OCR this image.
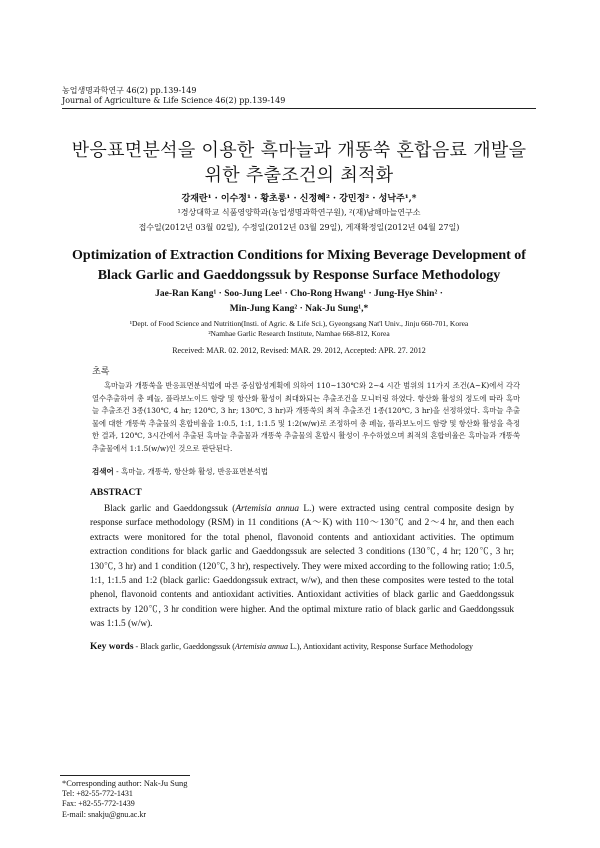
농업생명과학연구 46(2) pp.139-149
Journal of Agriculture & Life Science 46(2) pp.139-149
반응표면분석을 이용한 흑마늘과 개똥쑥 혼합음료 개발을
위한 추출조건의 최적화
강재란¹ · 이수정¹ · 황초롱¹ · 신정혜² · 강민정² · 성낙주¹,*
¹경상대학교 식품영양학과(농업생명과학연구원), ²(재)남해마늘연구소
접수일(2012년 03월 02일), 수정일(2012년 03월 29일), 게재확정일(2012년 04월 27일)
Optimization of Extraction Conditions for Mixing Beverage Development of
Black Garlic and Gaeddongssuk by Response Surface Methodology
Jae-Ran Kang¹ · Soo-Jung Lee¹ · Cho-Rong Hwang¹ · Jung-Hye Shin² ·
Min-Jung Kang² · Nak-Ju Sung¹,*
¹Dept. of Food Science and Nutrition(Insti. of Agric. & Life Sci.), Gyeongsang Nat'l Univ., Jinju 660-701, Korea
²Namhae Garlic Research Institute, Namhae 668-812, Korea
Received: MAR. 02. 2012, Revised: MAR. 29. 2012, Accepted: APR. 27. 2012
초록
흑마늘과 개똥쑥을 반응표면분석법에 따른 중심합성계획에 의하여 110~130℃와 2~4 시간 범위의 11가지 조건(A~K)에서 각각 열수추출하여 총 페놀, 플라보노이드 함량 및 항산화 활성이 최대화되는 추출조건을 모니터링 하였다. 항산화 활성의 정도에 따라 흑마늘 추출조건 3종(130℃, 4 hr; 120℃, 3 hr; 130℃, 3 hr)과 개똥쑥의 최적 추출조건 1종(120℃, 3 hr)을 선정하였다. 흑마늘 추출물에 대한 개똥쑥 추출물의 혼합비율을 1:0.5, 1:1, 1:1.5 및 1:2(w/w)로 조정하여 총 페놀, 플라보노이드 함량 및 항산화 활성을 측정한 결과, 120℃, 3시간에서 추출된 흑마늘 추출물과 개똥쑥 추출물의 혼합시 활성이 우수하였으며 최적의 혼합비율은 흑마늘과 개똥쑥 추출물에서 1:1.5(w/w)인 것으로 판단된다.
검색어 - 흑마늘, 개똥쑥, 항산화 활성, 반응표면분석법
ABSTRACT
Black garlic and Gaeddongssuk (Artemisia annua L.) were extracted using central composite design by response surface methodology (RSM) in 11 conditions (A～K) with 110～130℃ and 2～4 hr, and then each extracts were monitored for the total phenol, flavonoid contents and antioxidant activities. The optimum extraction conditions for black garlic and Gaeddongssuk are selected 3 conditions (130℃, 4 hr; 120℃, 3 hr; 130℃, 3 hr) and 1 condition (120℃, 3 hr), respectively. They were mixed according to the following ratio; 1:0.5, 1:1, 1:1.5 and 1:2 (black garlic: Gaeddongssuk extract, w/w), and then these composites were tested to the total phenol, flavonoid contents and antioxidant activities. Antioxidant activities of black garlic and Gaeddongssuk extracts by 120℃, 3 hr condition were higher. And the optimal mixture ratio of black garlic and Gaeddongssuk was 1:1.5 (w/w).
Key words - Black garlic, Gaeddongssuk (Artemisia annua L.), Antioxidant activity, Response Surface Methodology
*Corresponding author: Nak-Ju Sung
Tel: +82-55-772-1431
Fax: +82-55-772-1439
E-mail: snakju@gnu.ac.kr
